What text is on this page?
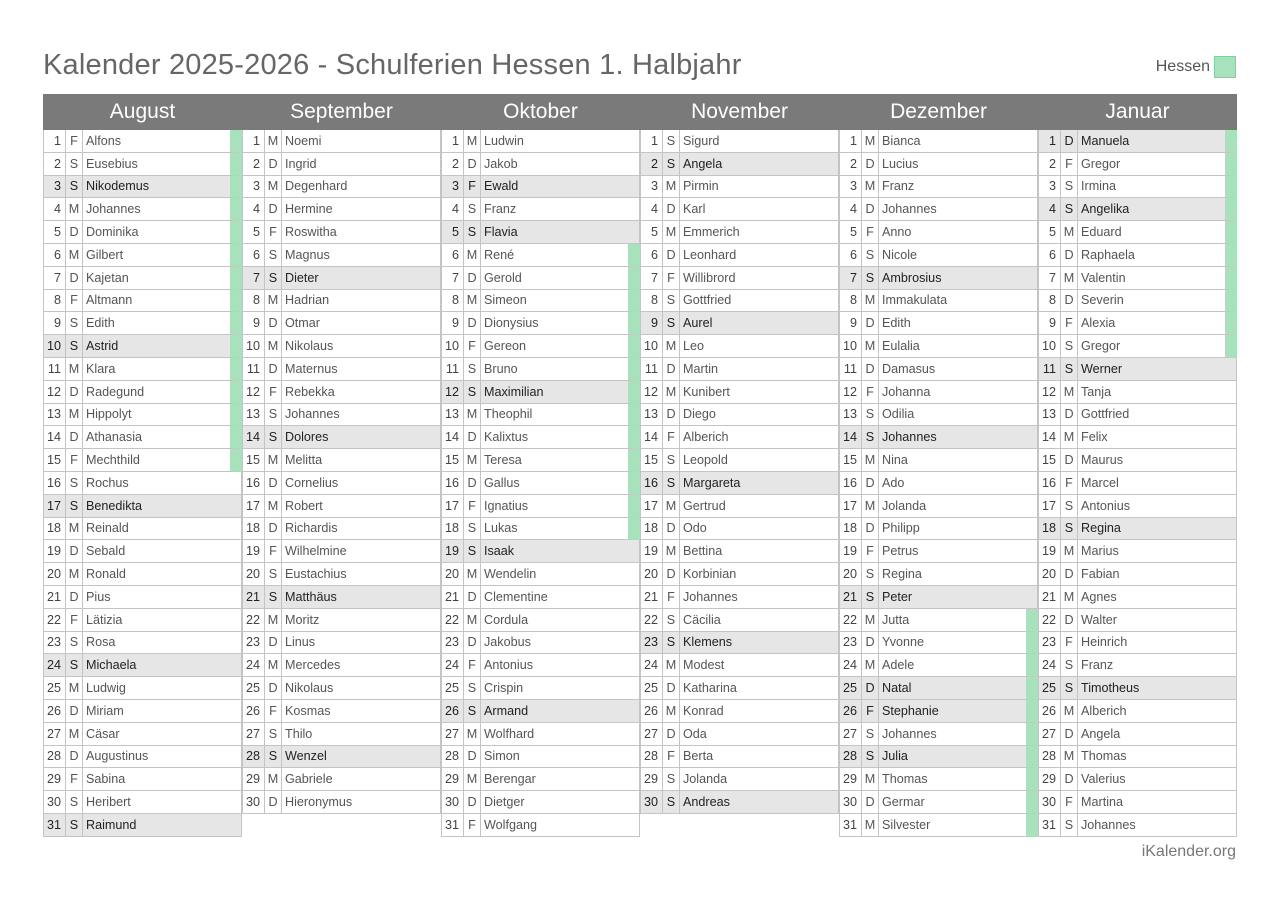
Kalender 2025-2026 - Schulferien Hessen 1. Halbjahr	Hessen
August	September	Oktober	November	Dezember	Januar
1 F Alfons
2 S Eusebius
3 S Nikodemus
4 M Johannes
5 D Dominika
6 M Gilbert
7 D Kajetan
8 F Altmann
9 S Edith
10 S Astrid
11 M Klara
12 D Radegund
13 M Hippolyt
14 D Athanasia
15 F Mechthild
16 S Rochus
17 S Benedikta
18 M Reinald
19 D Sebald
20 M Ronald
21 D Pius
22 F Lätizia
23 S Rosa
24 S Michaela
25 M Ludwig
26 D Miriam
27 M Cäsar
28 D Augustinus
29 F Sabina
30 S Heribert
31 S Raimund
1 M Noemi
2 D Ingrid
3 M Degenhard
4 D Hermine
5 F Roswitha
6 S Magnus
7 S Dieter
8 M Hadrian
9 D Otmar
10 M Nikolaus
11 D Maternus
12 F Rebekka
13 S Johannes
14 S Dolores
15 M Melitta
16 D Cornelius
17 M Robert
18 D Richardis
19 F Wilhelmine
20 S Eustachius
21 S Matthäus
22 M Moritz
23 D Linus
24 M Mercedes
25 D Nikolaus
26 F Kosmas
27 S Thilo
28 S Wenzel
29 M Gabriele
30 D Hieronymus
1 M Ludwin
2 D Jakob
3 F Ewald
4 S Franz
5 S Flavia
6 M René
7 D Gerold
8 M Simeon
9 D Dionysius
10 F Gereon
11 S Bruno
12 S Maximilian
13 M Theophil
14 D Kalixtus
15 M Teresa
16 D Gallus
17 F Ignatius
18 S Lukas
19 S Isaak
20 M Wendelin
21 D Clementine
22 M Cordula
23 D Jakobus
24 F Antonius
25 S Crispin
26 S Armand
27 M Wolfhard
28 D Simon
29 M Berengar
30 D Dietger
31 F Wolfgang
1 S Sigurd
2 S Angela
3 M Pirmin
4 D Karl
5 M Emmerich
6 D Leonhard
7 F Willibrord
8 S Gottfried
9 S Aurel
10 M Leo
11 D Martin
12 M Kunibert
13 D Diego
14 F Alberich
15 S Leopold
16 S Margareta
17 M Gertrud
18 D Odo
19 M Bettina
20 D Korbinian
21 F Johannes
22 S Cäcilia
23 S Klemens
24 M Modest
25 D Katharina
26 M Konrad
27 D Oda
28 F Berta
29 S Jolanda
30 S Andreas
1 M Bianca
2 D Lucius
3 M Franz
4 D Johannes
5 F Anno
6 S Nicole
7 S Ambrosius
8 M Immakulata
9 D Edith
10 M Eulalia
11 D Damasus
12 F Johanna
13 S Odilia
14 S Johannes
15 M Nina
16 D Ado
17 M Jolanda
18 D Philipp
19 F Petrus
20 S Regina
21 S Peter
22 M Jutta
23 D Yvonne
24 M Adele
25 D Natal
26 F Stephanie
27 S Johannes
28 S Julia
29 M Thomas
30 D Germar
31 M Silvester
1 D Manuela
2 F Gregor
3 S Irmina
4 S Angelika
5 M Eduard
6 D Raphaela
7 M Valentin
8 D Severin
9 F Alexia
10 S Gregor
11 S Werner
12 M Tanja
13 D Gottfried
14 M Felix
15 D Maurus
16 F Marcel
17 S Antonius
18 S Regina
19 M Marius
20 D Fabian
21 M Agnes
22 D Walter
23 F Heinrich
24 S Franz
25 S Timotheus
26 M Alberich
27 D Angela
28 M Thomas
29 D Valerius
30 F Martina
31 S Johannes
iKalender.org
